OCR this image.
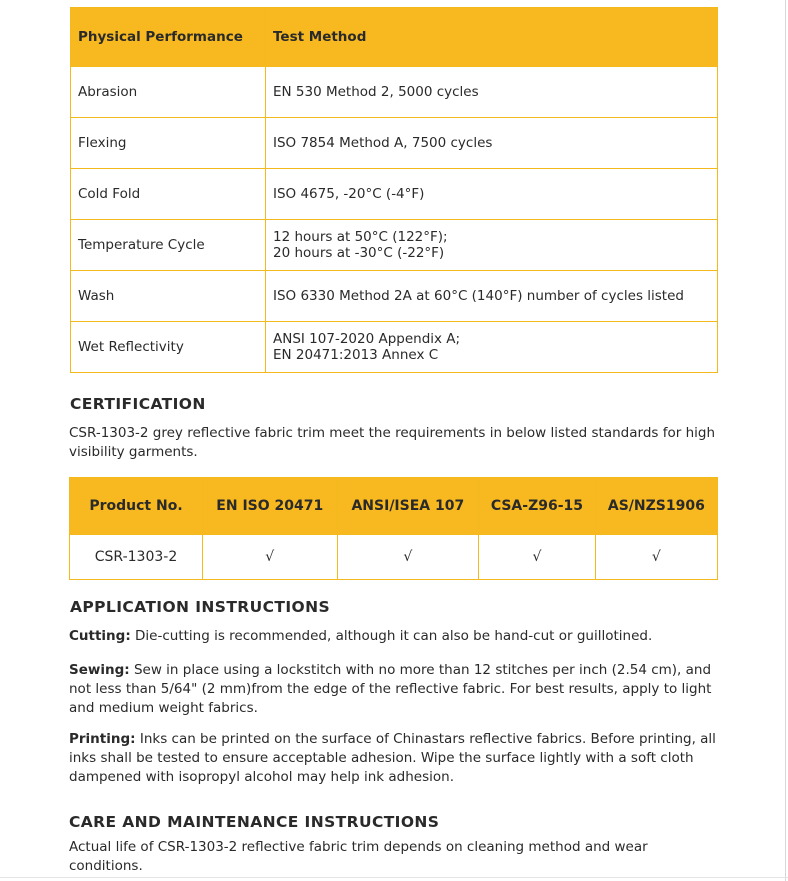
Physical Performance	Test Method
Abrasion	EN 530 Method 2, 5000 cycles
Flexing	ISO 7854 Method A, 7500 cycles
Cold Fold	ISO 4675, -20°C (-4°F)
Temperature Cycle	12 hours at 50°C (122°F);
20 hours at -30°C (-22°F)

Wash	ISO 6330 Method 2A at 60°C (140°F) number of cycles listed
Wet Reflectivity	ANSI 107-2020 Appendix A;
EN 20471:2013 Annex C
CERTIFICATION
CSR-1303-2 grey reflective fabric trim meet the requirements in below listed standards for high visibility garments.
Product No.	EN ISO 20471	ANSI/ISEA 107	CSA-Z96-15	AS/NZS1906
CSR-1303-2	√	√	√	√
APPLICATION INSTRUCTIONS
Cutting: Die-cutting is recommended, although it can also be hand-cut or guillotined.
Sewing: Sew in place using a lockstitch with no more than 12 stitches per inch (2.54 cm), and not less than 5/64" (2 mm)from the edge of the reflective fabric. For best results, apply to light and medium weight fabrics.
Printing: Inks can be printed on the surface of Chinastars reflective fabrics. Before printing, all inks shall be tested to ensure acceptable adhesion. Wipe the surface lightly with a soft cloth dampened with isopropyl alcohol may help ink adhesion.
CARE AND MAINTENANCE INSTRUCTIONS
Actual life of CSR-1303-2 reflective fabric trim depends on cleaning method and wear conditions.
